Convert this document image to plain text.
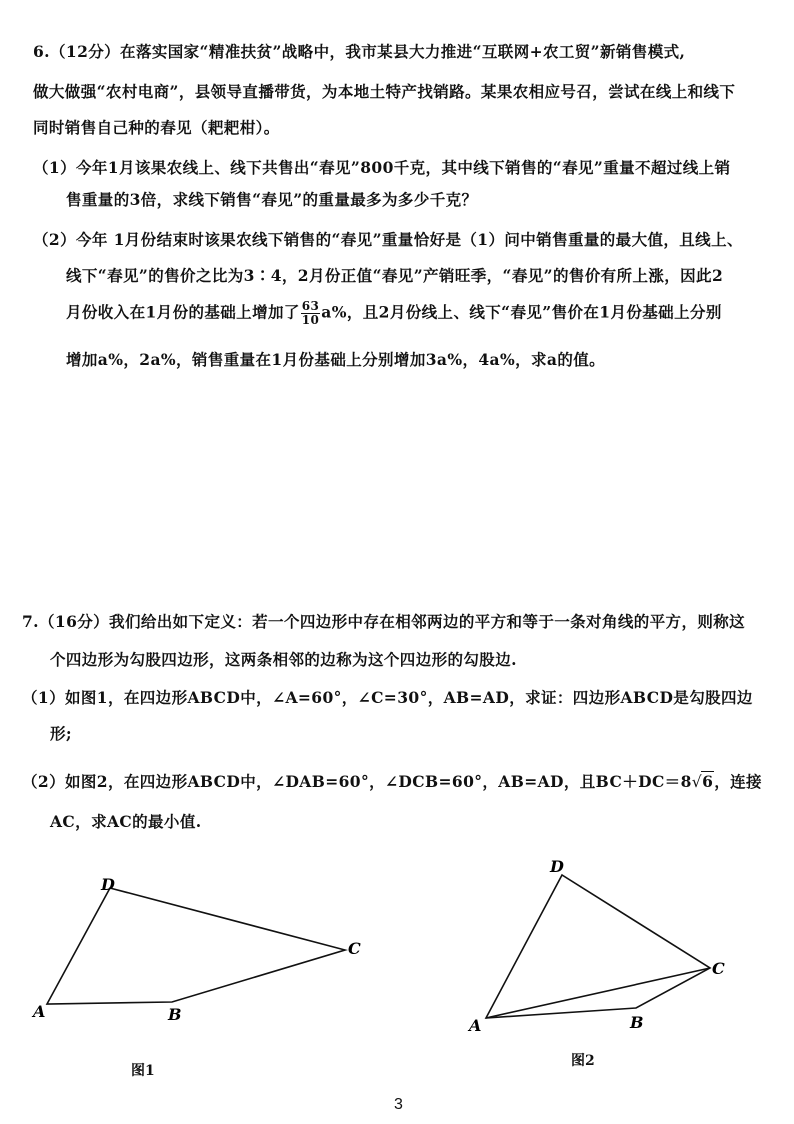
6.（12分）在落实国家“精准扶贫”战略中，我市某县大力推进“互联网+农工贸”新销售模式,
做大做强“农村电商”，县领导直播带货，为本地土特产找销路。某果农相应号召，尝试在线上和线下
同时销售自己种的春见（耙耙柑）。
（1）今年1月该果农线上、线下共售出“春见”800千克，其中线下销售的“春见”重量不超过线上销
售重量的3倍，求线下销售“春见”的重量最多为多少千克？
（2）今年 1月份结束时该果农线下销售的“春见”重量恰好是（1）问中销售重量的最大值，且线上、
线下“春见”的售价之比为3∶4，2月份正值“春见”产销旺季，“春见”的售价有所上涨，因此2
月份收入在1月份的基础上增加了 $\frac{63}{10} a\%$，且2月份线上、线下“春见”售价在1月份基础上分别
增加a%，2a%，销售重量在1月份基础上分别增加3a%，4a%，求a的值。
7.（16分）我们给出如下定义：若一个四边形中存在相邻两边的平方和等于一条对角线的平方，则称这
个四边形为勾股四边形，这两条相邻的边称为这个四边形的勾股边.
（1）如图1，在四边形ABCD中，∠A=60°，∠C=30°，AB=AD，求证：四边形ABCD是勾股四边
形;
（2）如图2，在四边形ABCD中，∠DAB=60°，∠DCB=60°，AB=AD，且BC＋DC＝8√6，连接
AC，求AC的最小值.
A	B
C
D
图1
A	B
C
D
图2
3
